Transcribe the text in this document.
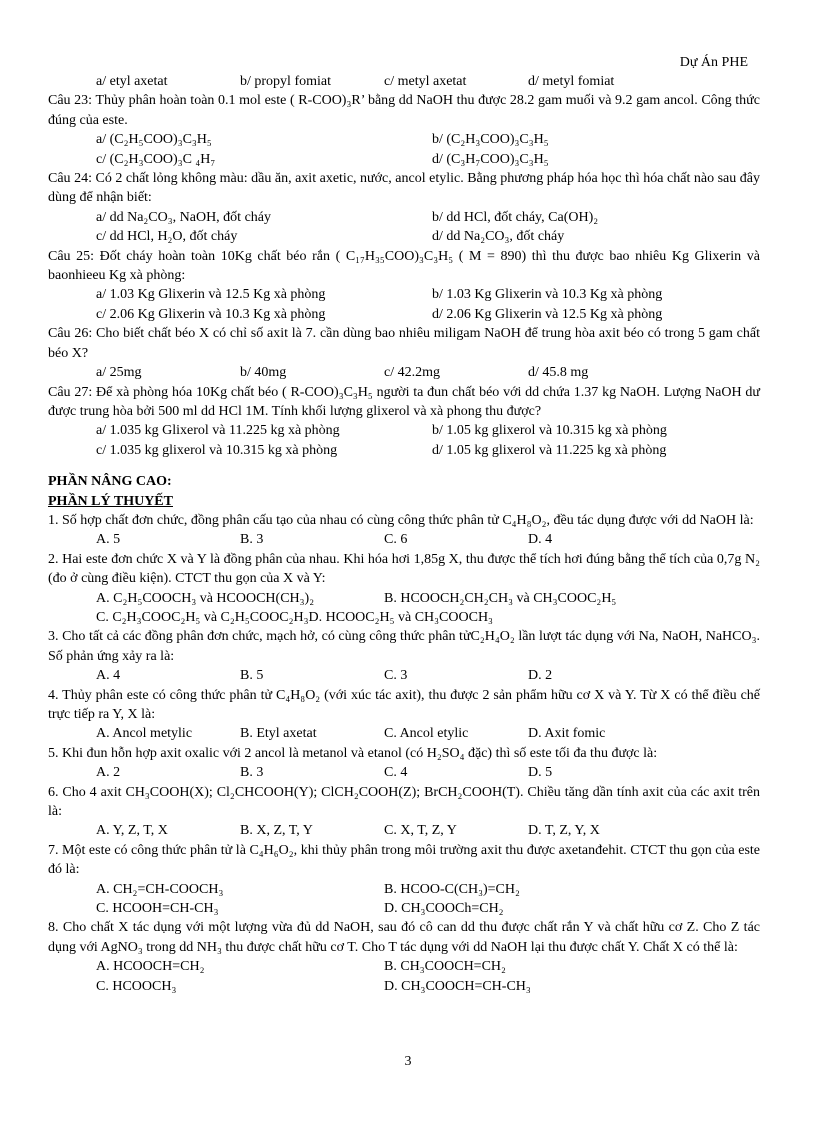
Dự Án PHE
a/ etyl axetat	b/ propyl fomiat	c/ metyl axetat	d/ metyl fomiat
Câu 23: Thủy phân hoàn toàn 0.1 mol este ( R-COO)₃R’ bằng dd NaOH thu được 28.2 gam muối và 9.2 gam ancol. Công thức đúng của este.
a/ (C₂H₅COO)₃C₃H₅	b/ (C₂H₃COO)₃C₃H₅
c/ (C₂H₃COO)₃C ₄H₇	d/ (C₃H₇COO)₃C₃H₅
Câu 24: Có 2 chất lỏng không màu: dầu ăn, axit axetic, nước, ancol etylic. Bằng phương pháp hóa học thì hóa chất nào sau đây dùng để nhận biết:
a/ dd Na₂CO₃, NaOH, đốt cháy	b/ dd HCl, đốt cháy, Ca(OH)₂
c/ dd HCl, H₂O, đốt cháy	d/ dd Na₂CO₃, đốt cháy
Câu 25: Đốt cháy hoàn toàn 10Kg chất béo rắn ( C₁₇H₃₅COO)₃C₃H₅ ( M = 890) thì thu được bao nhiêu Kg Glixerin và baonhieeu Kg xà phòng:
a/ 1.03 Kg Glixerin và 12.5 Kg xà phòng	b/ 1.03 Kg Glixerin và 10.3 Kg xà phòng
c/ 2.06 Kg Glixerin và 10.3 Kg xà phòng	d/ 2.06 Kg Glixerin và 12.5 Kg xà phòng
Câu 26: Cho biết chất béo X có chỉ số axit là 7. cần dùng bao nhiêu miligam NaOH để trung hòa axit béo có trong 5 gam chất béo X?
a/ 25mg	b/ 40mg	c/ 42.2mg	d/ 45.8 mg
Câu 27: Để xà phòng hóa 10Kg chất béo ( R-COO)₃C₃H₅ người ta đun chất béo với dd chứa 1.37 kg NaOH. Lượng NaOH dư được trung hòa bởi 500 ml dd HCl 1M. Tính khối lượng glixerol và xà phong thu được?
a/ 1.035 kg Glixerol và 11.225 kg xà phòng	b/ 1.05 kg glixerol và 10.315 kg xà phòng
c/ 1.035 kg glixerol và 10.315 kg xà phòng	d/ 1.05 kg glixerol và 11.225 kg xà phòng
PHẦN NÂNG CAO:
PHẦN LÝ THUYẾT
1. Số hợp chất đơn chức, đồng phân cấu tạo của nhau có cùng công thức phân tử C₄H₈O₂, đều tác dụng được với dd NaOH là:
A. 5	B. 3	C. 6	D. 4
2. Hai este đơn chức X và Y là đồng phân của nhau. Khi hóa hơi 1,85g X, thu được thể tích hơi đúng bằng thể tích của 0,7g N₂ (đo ở cùng điều kiện). CTCT thu gọn của X và Y:
A. C₂H₅COOCH₃ và HCOOCH(CH₃)₂	B. HCOOCH₂CH₂CH₃ và CH₃COOC₂H₅
C. C₂H₃COOC₂H₅ và C₂H₅COOC₂H₃D. HCOOC₂H₅ và CH₃COOCH₃
3. Cho tất cả các đồng phân đơn chức, mạch hở, có cùng công thức phân tửC₂H₄O₂ lần lượt tác dụng với Na, NaOH, NaHCO₃. Số phản ứng xảy ra là:
A. 4	B. 5	C. 3	D. 2
4. Thủy phân este có công thức phân tử C₄H₈O₂ (với xúc tác axit), thu được 2 sản phẩm hữu cơ X và Y. Từ X có thể điều chế trực tiếp ra Y, X là:
A. Ancol metylic	B. Etyl axetat	C. Ancol etylic	D. Axit fomic
5. Khi đun hỗn hợp axit oxalic với 2 ancol là metanol và etanol (có H₂SO₄ đặc) thì số este tối đa thu được là:
A. 2	B. 3	C. 4	D. 5
6. Cho 4 axit CH₃COOH(X); Cl₂CHCOOH(Y); ClCH₂COOH(Z); BrCH₂COOH(T). Chiều tăng dần tính axit của các axit trên là:
A. Y, Z, T, X	B. X, Z, T, Y	C. X, T, Z, Y	D. T, Z, Y, X
7. Một este có công thức phân tử là C₄H₆O₂, khi thủy phân trong môi trường axit thu được axetanđehit. CTCT thu gọn của este đó là:
A. CH₂=CH-COOCH₃	B. HCOO-C(CH₃)=CH₂
C. HCOOH=CH-CH₃	D. CH₃COOCh=CH₂
8. Cho chất X tác dụng với một lượng vừa đủ dd NaOH, sau đó cô can dd thu được chất rắn Y và chất hữu cơ Z. Cho Z tác dụng với AgNO₃ trong dd NH₃ thu được chất hữu cơ T. Cho T tác dụng với dd NaOH lại thu được chất Y. Chất X có thể là:
A. HCOOCH=CH₂	B. CH₃COOCH=CH₂
C. HCOOCH₃	D. CH₃COOCH=CH-CH₃
3
